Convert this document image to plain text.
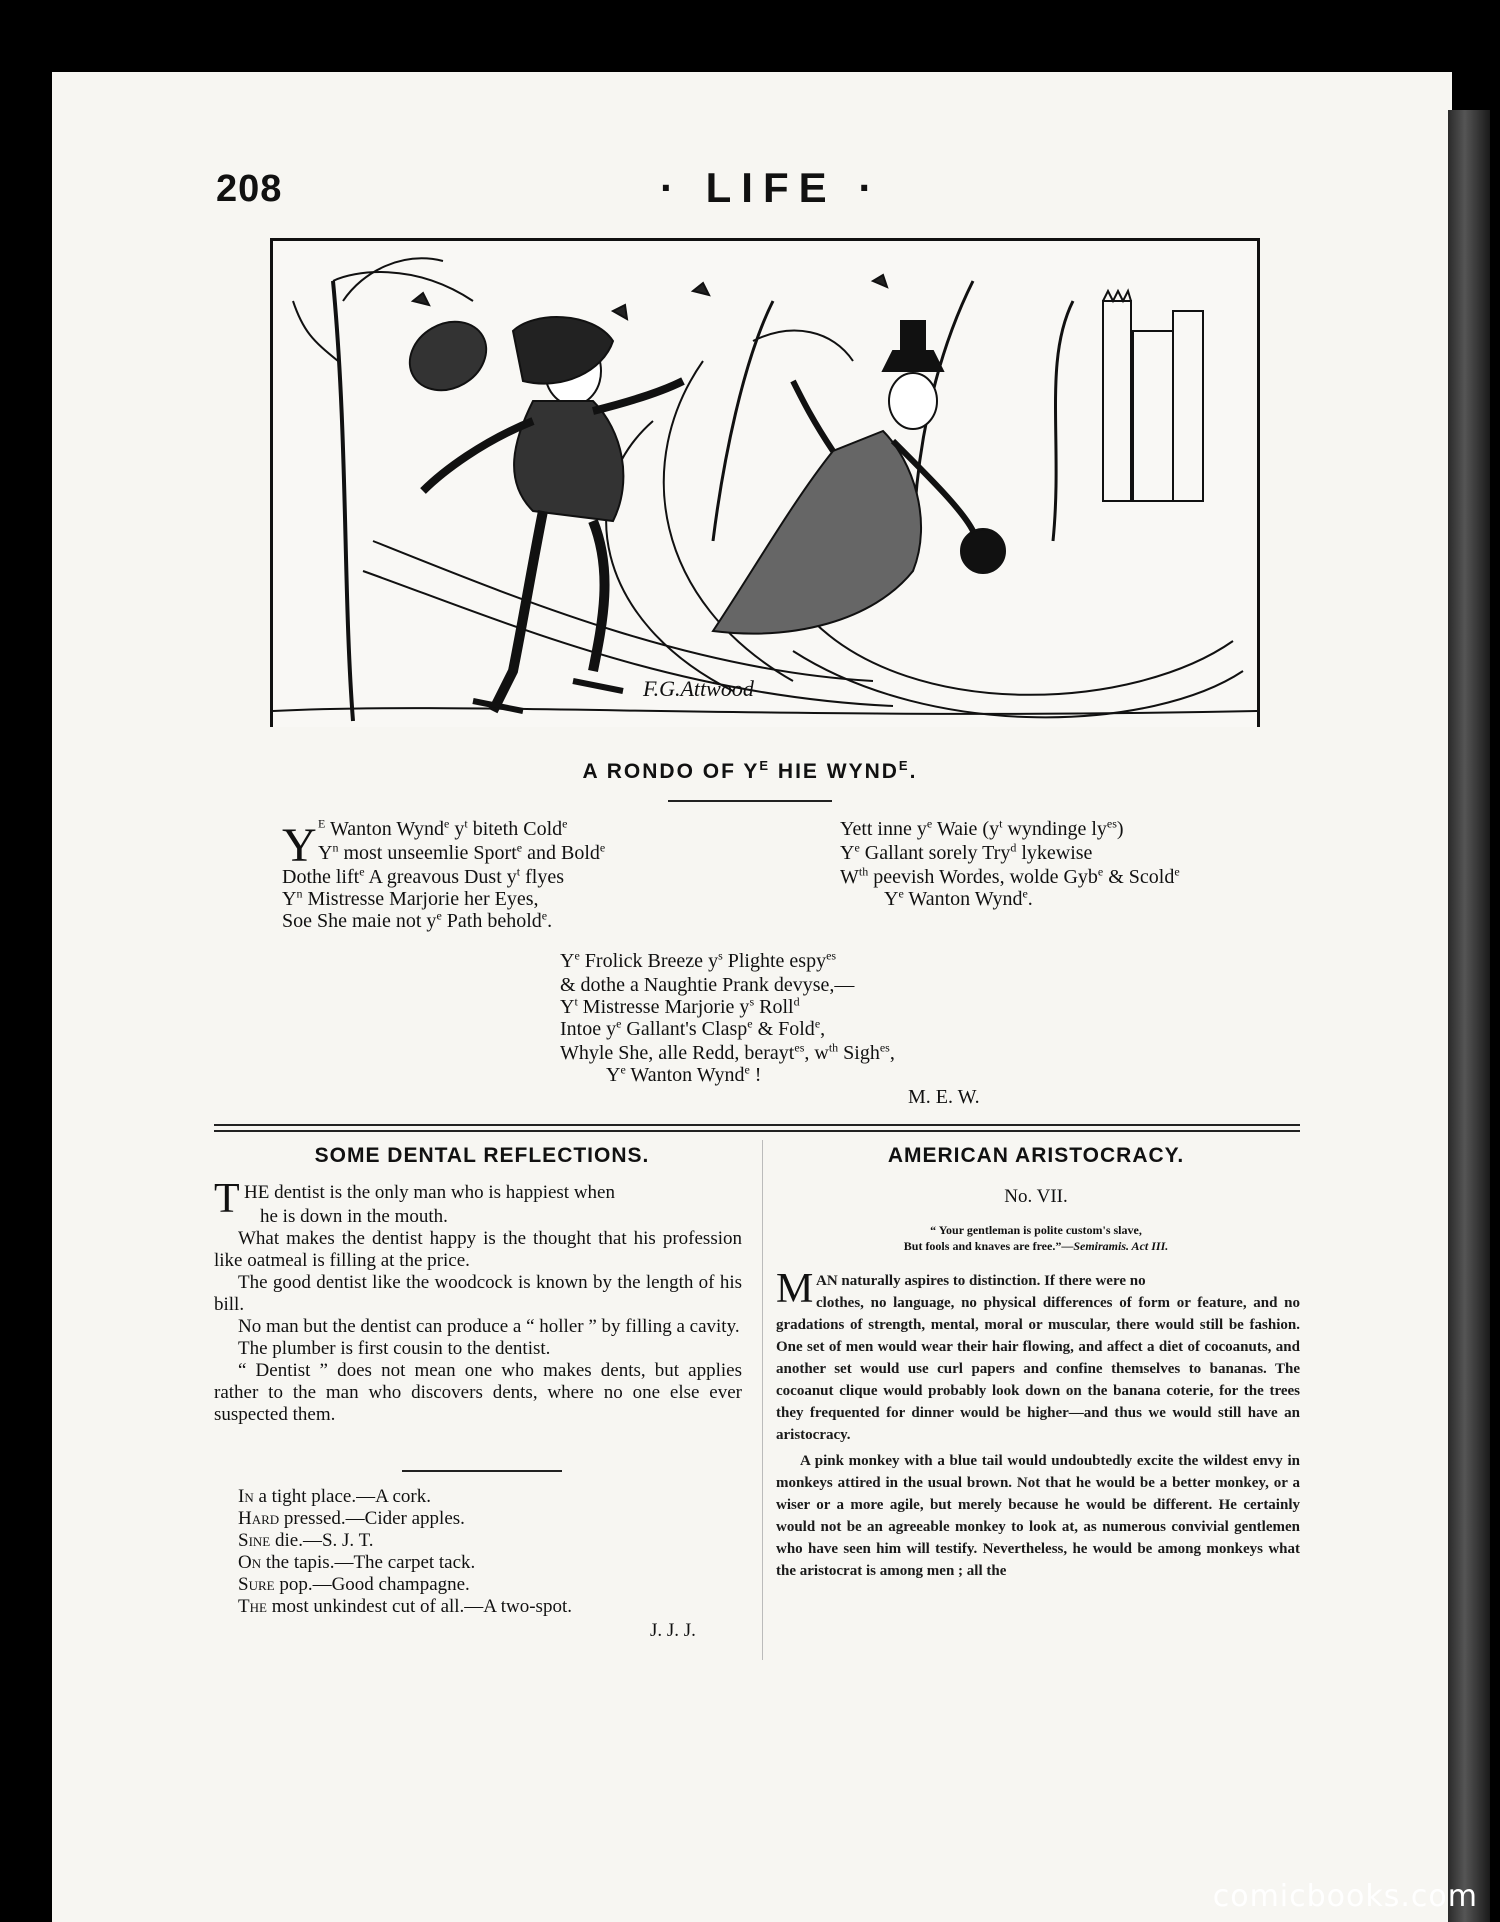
208	· LIFE ·
F.G.Attwood
A RONDO OF $Y^E$ HIE $WYND^E$.
Y $^E$ Wanton Wynd$^e$ $y^t$ biteth Cold$^e$
$Y^n$ most unseemlie Sport$^e$ and Bold$^e$
Dothe lift$^e$ A greavous Dust $y^t$ flyes
$Y^n$ Mistresse Marjorie her Eyes,
Soe She maie not $y^e$ Path behold$^e$.
Yett inne $y^e$ Waie ($y^t$ wyndinge $ly^{es}$)
$Y^e$ Gallant sorely Try$^d$ lykewise
$W^{th}$ peevish Wordes, wolde Gyb$^e$ & Scold$^e$
$Y^e$ Wanton Wynd$^e$.
$Y^e$ Frolick Breeze $y^s$ Plighte espy$^{es}$
& dothe a Naughtie Prank devyse,—
$Y^t$ Mistresse Marjorie $y^s$ Roll$^d$
Intoe $y^e$ Gallant's Clasp$^e$ & Fold$^e$,
Whyle She, alle Redd, berayt$^{es}$, $w^{th}$ Sigh$^{es}$,
$Y^e$ Wanton Wynd$^e$ !
M. E. W.
SOME DENTAL REFLECTIONS.
T HE dentist is the only man who is happiest when
he is down in the mouth.

What makes the dentist happy is the thought that his profession like oatmeal is filling at the price.

The good dentist like the woodcock is known by the length of his bill.

No man but the dentist can produce a “ holler ” by filling a cavity.

The plumber is first cousin to the dentist.

“ Dentist ” does not mean one who makes dents, but applies rather to the man who discovers dents, where no one else ever suspected them.

In a tight place.—A cork.
Hard pressed.—Cider apples.
Sine die.—S. J. T.
On the tapis.—The carpet tack.
Sure pop.—Good champagne.
The most unkindest cut of all.—A two-spot.
J. J. J.
AMERICAN ARISTOCRACY.
No. VII.
“ Your gentleman is polite custom's slave,
But fools and knaves are free.”—Semiramis. Act III.
M AN naturally aspires to distinction. If there were no

clothes, no language, no physical differences of form or feature, and no gradations of strength, mental, moral or muscular, there would still be fashion. One set of men would wear their hair flowing, and affect a diet of cocoanuts, and another set would use curl papers and confine themselves to bananas. The cocoanut clique would probably look down on the banana coterie, for the trees they frequented for dinner would be higher—and thus we would still have an aristocracy.

A pink monkey with a blue tail would undoubtedly excite the wildest envy in monkeys attired in the usual brown. Not that he would be a better monkey, or a wiser or a more agile, but merely because he would be different. He certainly would not be an agreeable monkey to look at, as numerous convivial gentlemen who have seen him will testify. Nevertheless, he would be among monkeys what the aristocrat is among men ; all the

comicbooks.com
